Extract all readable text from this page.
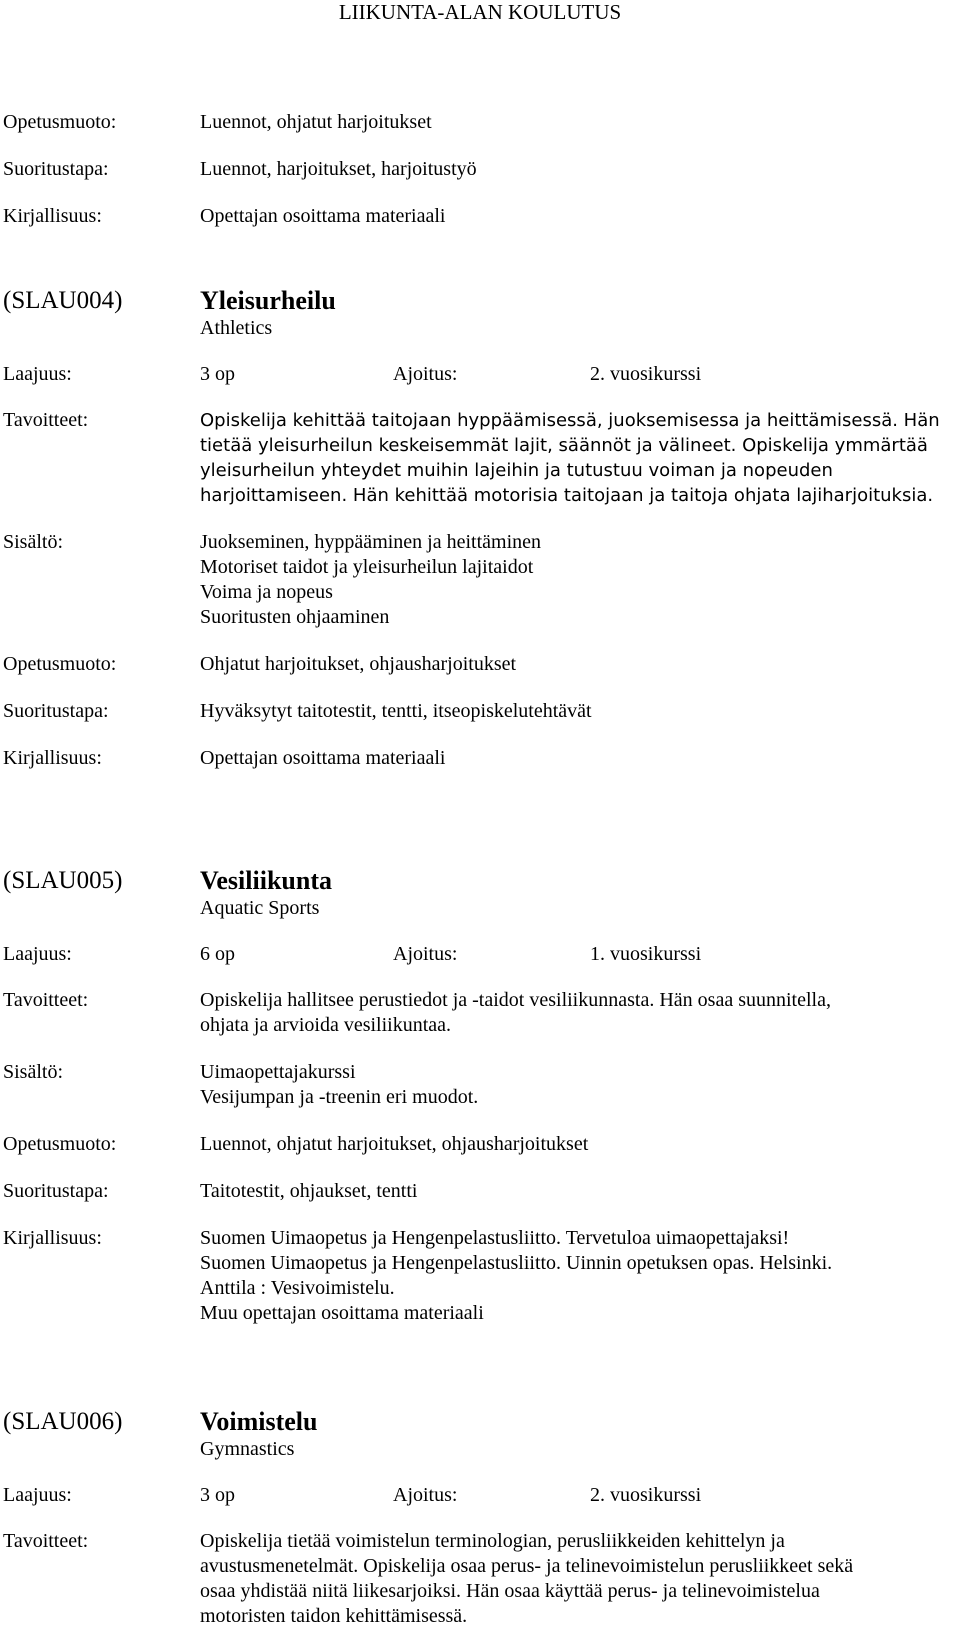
LIIKUNTA-ALAN KOULUTUS
Opetusmuoto:	Luennot, ohjatut harjoitukset
Suoritustapa:	Luennot, harjoitukset, harjoitustyö
Kirjallisuus:	Opettajan osoittama materiaali
(SLAU004)	Yleisurheilu
Athletics
Laajuus:	3 op	Ajoitus:	2. vuosikurssi
Tavoitteet:	Opiskelija kehittää taitojaan hyppäämisessä, juoksemisessa ja heittämisessä. Hän
tietää yleisurheilun keskeisemmät lajit, säännöt ja välineet. Opiskelija ymmärtää
yleisurheilun yhteydet muihin lajeihin ja tutustuu voiman ja nopeuden
harjoittamiseen. Hän kehittää motorisia taitojaan ja taitoja ohjata lajiharjoituksia.
Sisältö:	Juokseminen, hyppääminen ja heittäminen
Motoriset taidot ja yleisurheilun lajitaidot
Voima ja nopeus
Suoritusten ohjaaminen
Opetusmuoto:	Ohjatut harjoitukset, ohjausharjoitukset
Suoritustapa:	Hyväksytyt taitotestit, tentti, itseopiskelutehtävät
Kirjallisuus:	Opettajan osoittama materiaali
(SLAU005)	Vesiliikunta
Aquatic Sports
Laajuus:	6 op	Ajoitus:	1. vuosikurssi
Tavoitteet:	Opiskelija hallitsee perustiedot ja -taidot vesiliikunnasta. Hän osaa suunnitella,
ohjata ja arvioida vesiliikuntaa.
Sisältö:	Uimaopettajakurssi
Vesijumpan ja -treenin eri muodot.
Opetusmuoto:	Luennot, ohjatut harjoitukset, ohjausharjoitukset
Suoritustapa:	Taitotestit, ohjaukset, tentti
Kirjallisuus:	Suomen Uimaopetus ja Hengenpelastusliitto. Tervetuloa uimaopettajaksi!
Suomen Uimaopetus ja Hengenpelastusliitto. Uinnin opetuksen opas. Helsinki.
Anttila : Vesivoimistelu.
Muu opettajan osoittama materiaali
(SLAU006)	Voimistelu
Gymnastics
Laajuus:	3 op	Ajoitus:	2. vuosikurssi
Tavoitteet:	Opiskelija tietää voimistelun terminologian, perusliikkeiden kehittelyn ja
avustusmenetelmät. Opiskelija osaa perus- ja telinevoimistelun perusliikkeet sekä
osaa yhdistää niitä liikesarjoiksi. Hän osaa käyttää perus- ja telinevoimistelua
motoristen taidon kehittämisessä.
